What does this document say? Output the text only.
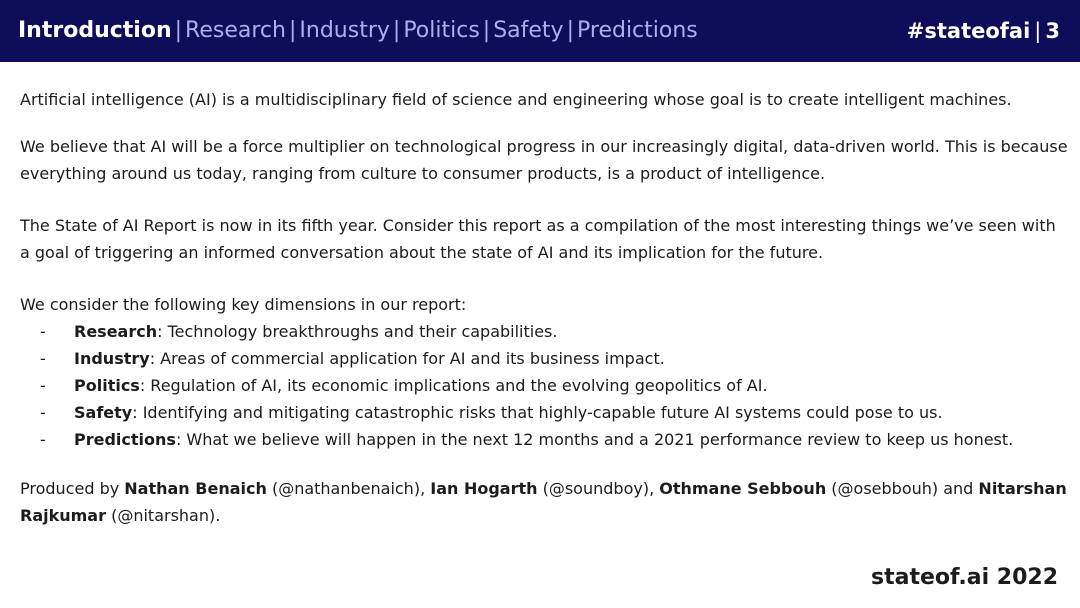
Introduction | Research | Industry | Politics | Safety | Predictions	#stateofai | 3

Artificial intelligence (AI) is a multidisciplinary field of science and engineering whose goal is to create intelligent machines.

We believe that AI will be a force multiplier on technological progress in our increasingly digital, data-driven world. This is because everything around us today, ranging from culture to consumer products, is a product of intelligence.

The State of AI Report is now in its fifth year. Consider this report as a compilation of the most interesting things we’ve seen with a goal of triggering an informed conversation about the state of AI and its implication for the future.

We consider the following key dimensions in our report:

- Research: Technology breakthroughs and their capabilities.
- Industry: Areas of commercial application for AI and its business impact.
- Politics: Regulation of AI, its economic implications and the evolving geopolitics of AI.
- Safety: Identifying and mitigating catastrophic risks that highly-capable future AI systems could pose to us.
- Predictions: What we believe will happen in the next 12 months and a 2021 performance review to keep us honest.

Produced by Nathan Benaich (@nathanbenaich), Ian Hogarth (@soundboy), Othmane Sebbouh (@osebbouh) and Nitarshan Rajkumar (@nitarshan).

stateof.ai 2022
